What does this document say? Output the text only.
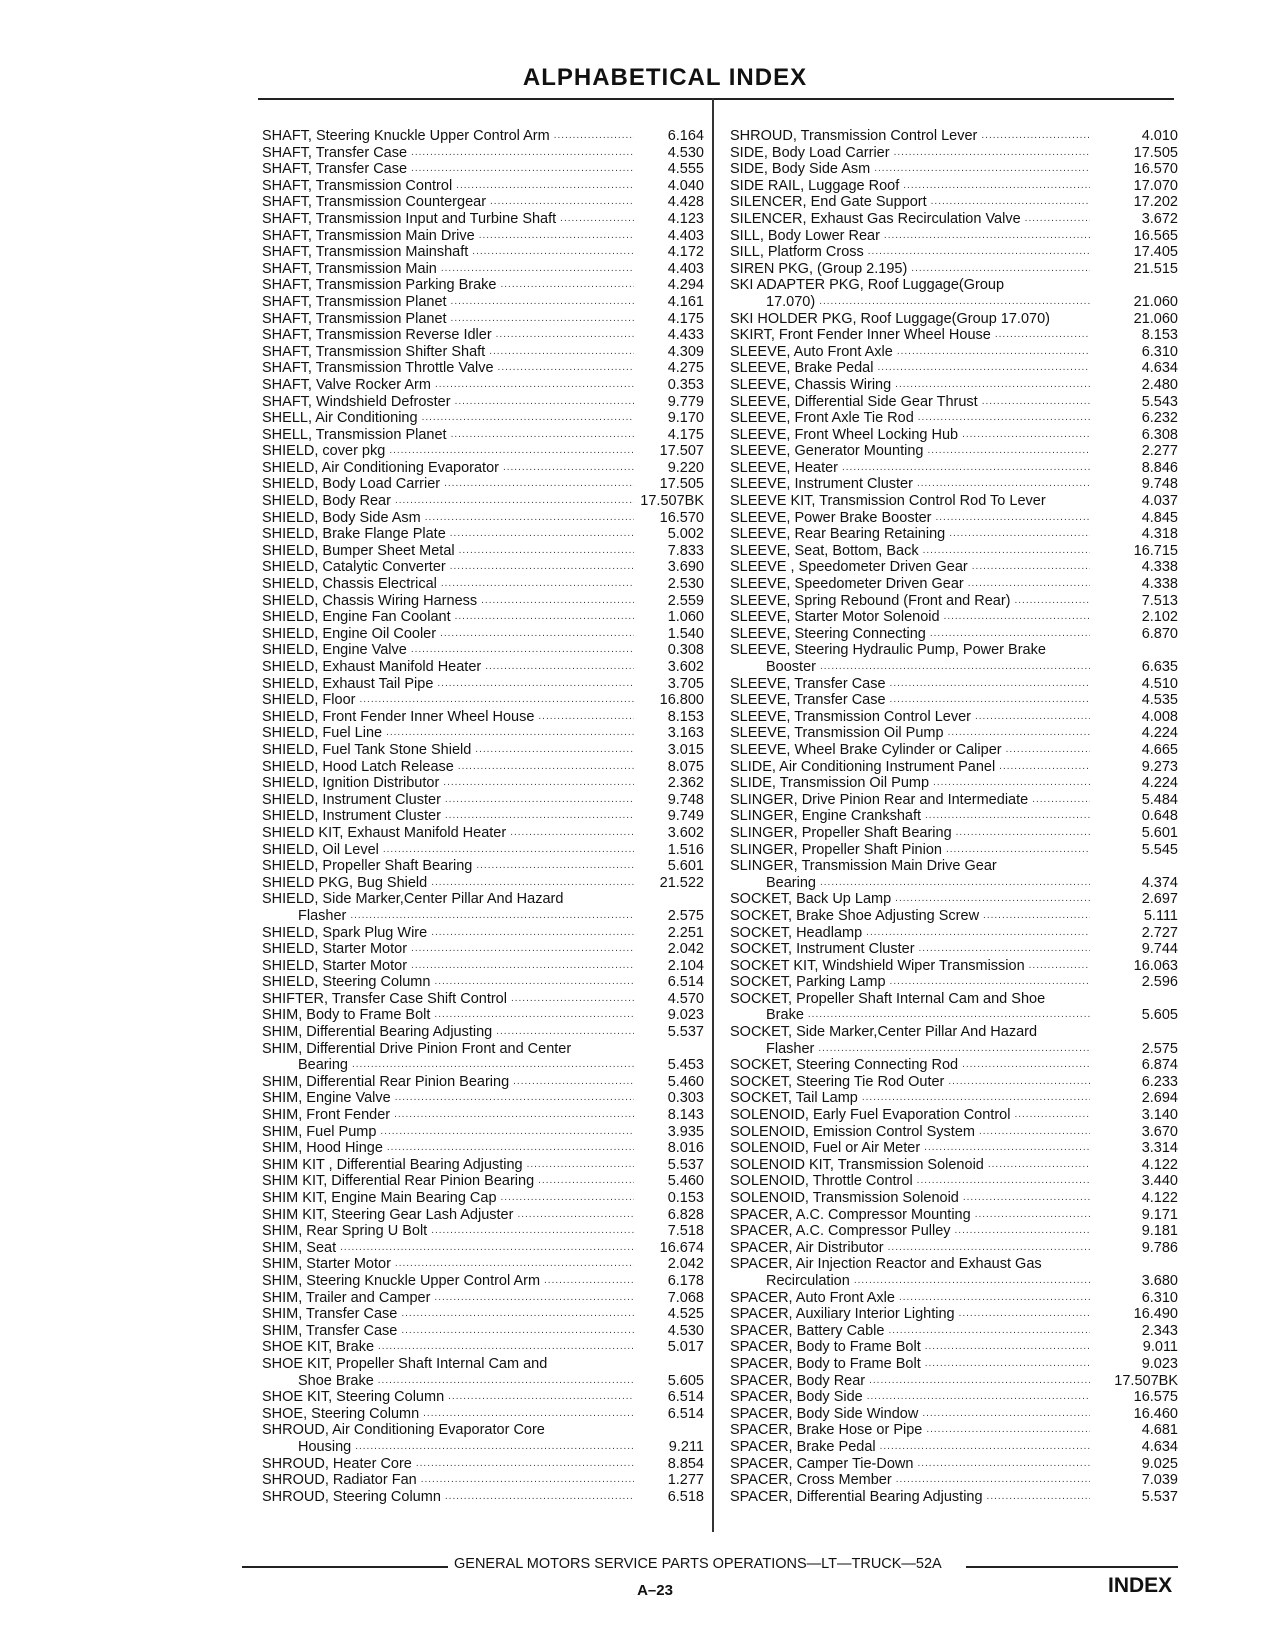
ALPHABETICAL INDEX
SHAFT, Steering Knuckle Upper Control Arm .....	6.164
SHAFT, Transfer Case .....	4.530
SHAFT, Transfer Case .....	4.555
SHAFT, Transmission Control .....	4.040
SHAFT, Transmission Countergear .....	4.428
SHAFT, Transmission Input and Turbine Shaft .....	4.123
SHAFT, Transmission Main Drive .....	4.403
SHAFT, Transmission Mainshaft .....	4.172
SHAFT, Transmission Main .....	4.403
SHAFT, Transmission Parking Brake .....	4.294
SHAFT, Transmission Planet .....	4.161
SHAFT, Transmission Planet .....	4.175
SHAFT, Transmission Reverse Idler .....	4.433
SHAFT, Transmission Shifter Shaft .....	4.309
SHAFT, Transmission Throttle Valve .....	4.275
SHAFT, Valve Rocker Arm .....	0.353
SHAFT, Windshield Defroster .....	9.779
SHELL, Air Conditioning .....	9.170
SHELL, Transmission Planet .....	4.175
SHIELD, cover pkg .....	17.507
SHIELD, Air Conditioning Evaporator .....	9.220
SHIELD, Body Load Carrier .....	17.505
SHIELD, Body Rear .....	17.507BK
SHIELD, Body Side Asm .....	16.570
SHIELD, Brake Flange Plate .....	5.002
SHIELD, Bumper Sheet Metal .....	7.833
SHIELD, Catalytic Converter .....	3.690
SHIELD, Chassis Electrical .....	2.530
SHIELD, Chassis Wiring Harness .....	2.559
SHIELD, Engine Fan Coolant .....	1.060
SHIELD, Engine Oil Cooler .....	1.540
SHIELD, Engine Valve .....	0.308
SHIELD, Exhaust Manifold Heater .....	3.602
SHIELD, Exhaust Tail Pipe .....	3.705
SHIELD, Floor .....	16.800
SHIELD, Front Fender Inner Wheel House .....	8.153
SHIELD, Fuel Line .....	3.163
SHIELD, Fuel Tank Stone Shield .....	3.015
SHIELD, Hood Latch Release .....	8.075
SHIELD, Ignition Distributor .....	2.362
SHIELD, Instrument Cluster .....	9.748
SHIELD, Instrument Cluster .....	9.749
SHIELD KIT, Exhaust Manifold Heater .....	3.602
SHIELD, Oil Level .....	1.516
SHIELD, Propeller Shaft Bearing .....	5.601
SHIELD PKG, Bug Shield .....	21.522
SHIELD, Side Marker,Center Pillar And Hazard
Flasher .....	2.575
SHIELD, Spark Plug Wire .....	2.251
SHIELD, Starter Motor .....	2.042
SHIELD, Starter Motor .....	2.104
SHIELD, Steering Column .....	6.514
SHIFTER, Transfer Case Shift Control .....	4.570
SHIM, Body to Frame Bolt .....	9.023
SHIM, Differential Bearing Adjusting .....	5.537
SHIM, Differential Drive Pinion Front and Center
Bearing .....	5.453
SHIM, Differential Rear Pinion Bearing .....	5.460
SHIM, Engine Valve .....	0.303
SHIM, Front Fender .....	8.143
SHIM, Fuel Pump .....	3.935
SHIM, Hood Hinge .....	8.016
SHIM KIT , Differential Bearing Adjusting .....	5.537
SHIM KIT, Differential Rear Pinion Bearing .....	5.460
SHIM KIT, Engine Main Bearing Cap .....	0.153
SHIM KIT, Steering Gear Lash Adjuster .....	6.828
SHIM, Rear Spring U Bolt .....	7.518
SHIM, Seat .....	16.674
SHIM, Starter Motor .....	2.042
SHIM, Steering Knuckle Upper Control Arm .....	6.178
SHIM, Trailer and Camper .....	7.068
SHIM, Transfer Case .....	4.525
SHIM, Transfer Case .....	4.530
SHOE KIT, Brake .....	5.017
SHOE KIT, Propeller Shaft Internal Cam and
Shoe Brake .....	5.605
SHOE KIT, Steering Column .....	6.514
SHOE, Steering Column .....	6.514
SHROUD, Air Conditioning Evaporator Core
Housing .....	9.211
SHROUD, Heater Core .....	8.854
SHROUD, Radiator Fan .....	1.277
SHROUD, Steering Column .....	6.518
SHROUD, Transmission Control Lever .....	4.010
SIDE, Body Load Carrier .....	17.505
SIDE, Body Side Asm .....	16.570
SIDE RAIL, Luggage Roof .....	17.070
SILENCER, End Gate Support .....	17.202
SILENCER, Exhaust Gas Recirculation Valve .....	3.672
SILL, Body Lower Rear .....	16.565
SILL, Platform Cross .....	17.405
SIREN PKG, (Group 2.195) .....	21.515
SKI ADAPTER PKG, Roof Luggage(Group
17.070) .....	21.060
SKI HOLDER PKG, Roof Luggage(Group 17.070)	21.060
SKIRT, Front Fender Inner Wheel House .....	8.153
SLEEVE, Auto Front Axle .....	6.310
SLEEVE, Brake Pedal .....	4.634
SLEEVE, Chassis Wiring .....	2.480
SLEEVE, Differential Side Gear Thrust .....	5.543
SLEEVE, Front Axle Tie Rod .....	6.232
SLEEVE, Front Wheel Locking Hub .....	6.308
SLEEVE, Generator Mounting .....	2.277
SLEEVE, Heater .....	8.846
SLEEVE, Instrument Cluster .....	9.748
SLEEVE KIT, Transmission Control Rod To Lever	4.037
SLEEVE, Power Brake Booster .....	4.845
SLEEVE, Rear Bearing Retaining .....	4.318
SLEEVE, Seat, Bottom, Back .....	16.715
SLEEVE , Speedometer Driven Gear .....	4.338
SLEEVE, Speedometer Driven Gear .....	4.338
SLEEVE, Spring Rebound (Front and Rear) .....	7.513
SLEEVE, Starter Motor Solenoid .....	2.102
SLEEVE, Steering Connecting .....	6.870
SLEEVE, Steering Hydraulic Pump, Power Brake
Booster .....	6.635
SLEEVE, Transfer Case .....	4.510
SLEEVE, Transfer Case .....	4.535
SLEEVE, Transmission Control Lever .....	4.008
SLEEVE, Transmission Oil Pump .....	4.224
SLEEVE, Wheel Brake Cylinder or Caliper .....	4.665
SLIDE, Air Conditioning Instrument Panel .....	9.273
SLIDE, Transmission Oil Pump .....	4.224
SLINGER, Drive Pinion Rear and Intermediate .....	5.484
SLINGER, Engine Crankshaft .....	0.648
SLINGER, Propeller Shaft Bearing .....	5.601
SLINGER, Propeller Shaft Pinion .....	5.545
SLINGER, Transmission Main Drive Gear
Bearing .....	4.374
SOCKET, Back Up Lamp .....	2.697
SOCKET, Brake Shoe Adjusting Screw .....	5.111
SOCKET, Headlamp .....	2.727
SOCKET, Instrument Cluster .....	9.744
SOCKET KIT, Windshield Wiper Transmission .....	16.063
SOCKET, Parking Lamp .....	2.596
SOCKET, Propeller Shaft Internal Cam and Shoe
Brake .....	5.605
SOCKET, Side Marker,Center Pillar And Hazard
Flasher .....	2.575
SOCKET, Steering Connecting Rod .....	6.874
SOCKET, Steering Tie Rod Outer .....	6.233
SOCKET, Tail Lamp .....	2.694
SOLENOID, Early Fuel Evaporation Control .....	3.140
SOLENOID, Emission Control System .....	3.670
SOLENOID, Fuel or Air Meter .....	3.314
SOLENOID KIT, Transmission Solenoid .....	4.122
SOLENOID, Throttle Control .....	3.440
SOLENOID, Transmission Solenoid .....	4.122
SPACER, A.C. Compressor Mounting .....	9.171
SPACER, A.C. Compressor Pulley .....	9.181
SPACER, Air Distributor .....	9.786
SPACER, Air Injection Reactor and Exhaust Gas
Recirculation .....	3.680
SPACER, Auto Front Axle .....	6.310
SPACER, Auxiliary Interior Lighting .....	16.490
SPACER, Battery Cable .....	2.343
SPACER, Body to Frame Bolt .....	9.011
SPACER, Body to Frame Bolt .....	9.023
SPACER, Body Rear .....	17.507BK
SPACER, Body Side .....	16.575
SPACER, Body Side Window .....	16.460
SPACER, Brake Hose or Pipe .....	4.681
SPACER, Brake Pedal .....	4.634
SPACER, Camper Tie-Down .....	9.025
SPACER, Cross Member .....	7.039
SPACER, Differential Bearing Adjusting .....	5.537
GENERAL MOTORS SERVICE PARTS OPERATIONS—LT—TRUCK—52A
A–23	INDEX
